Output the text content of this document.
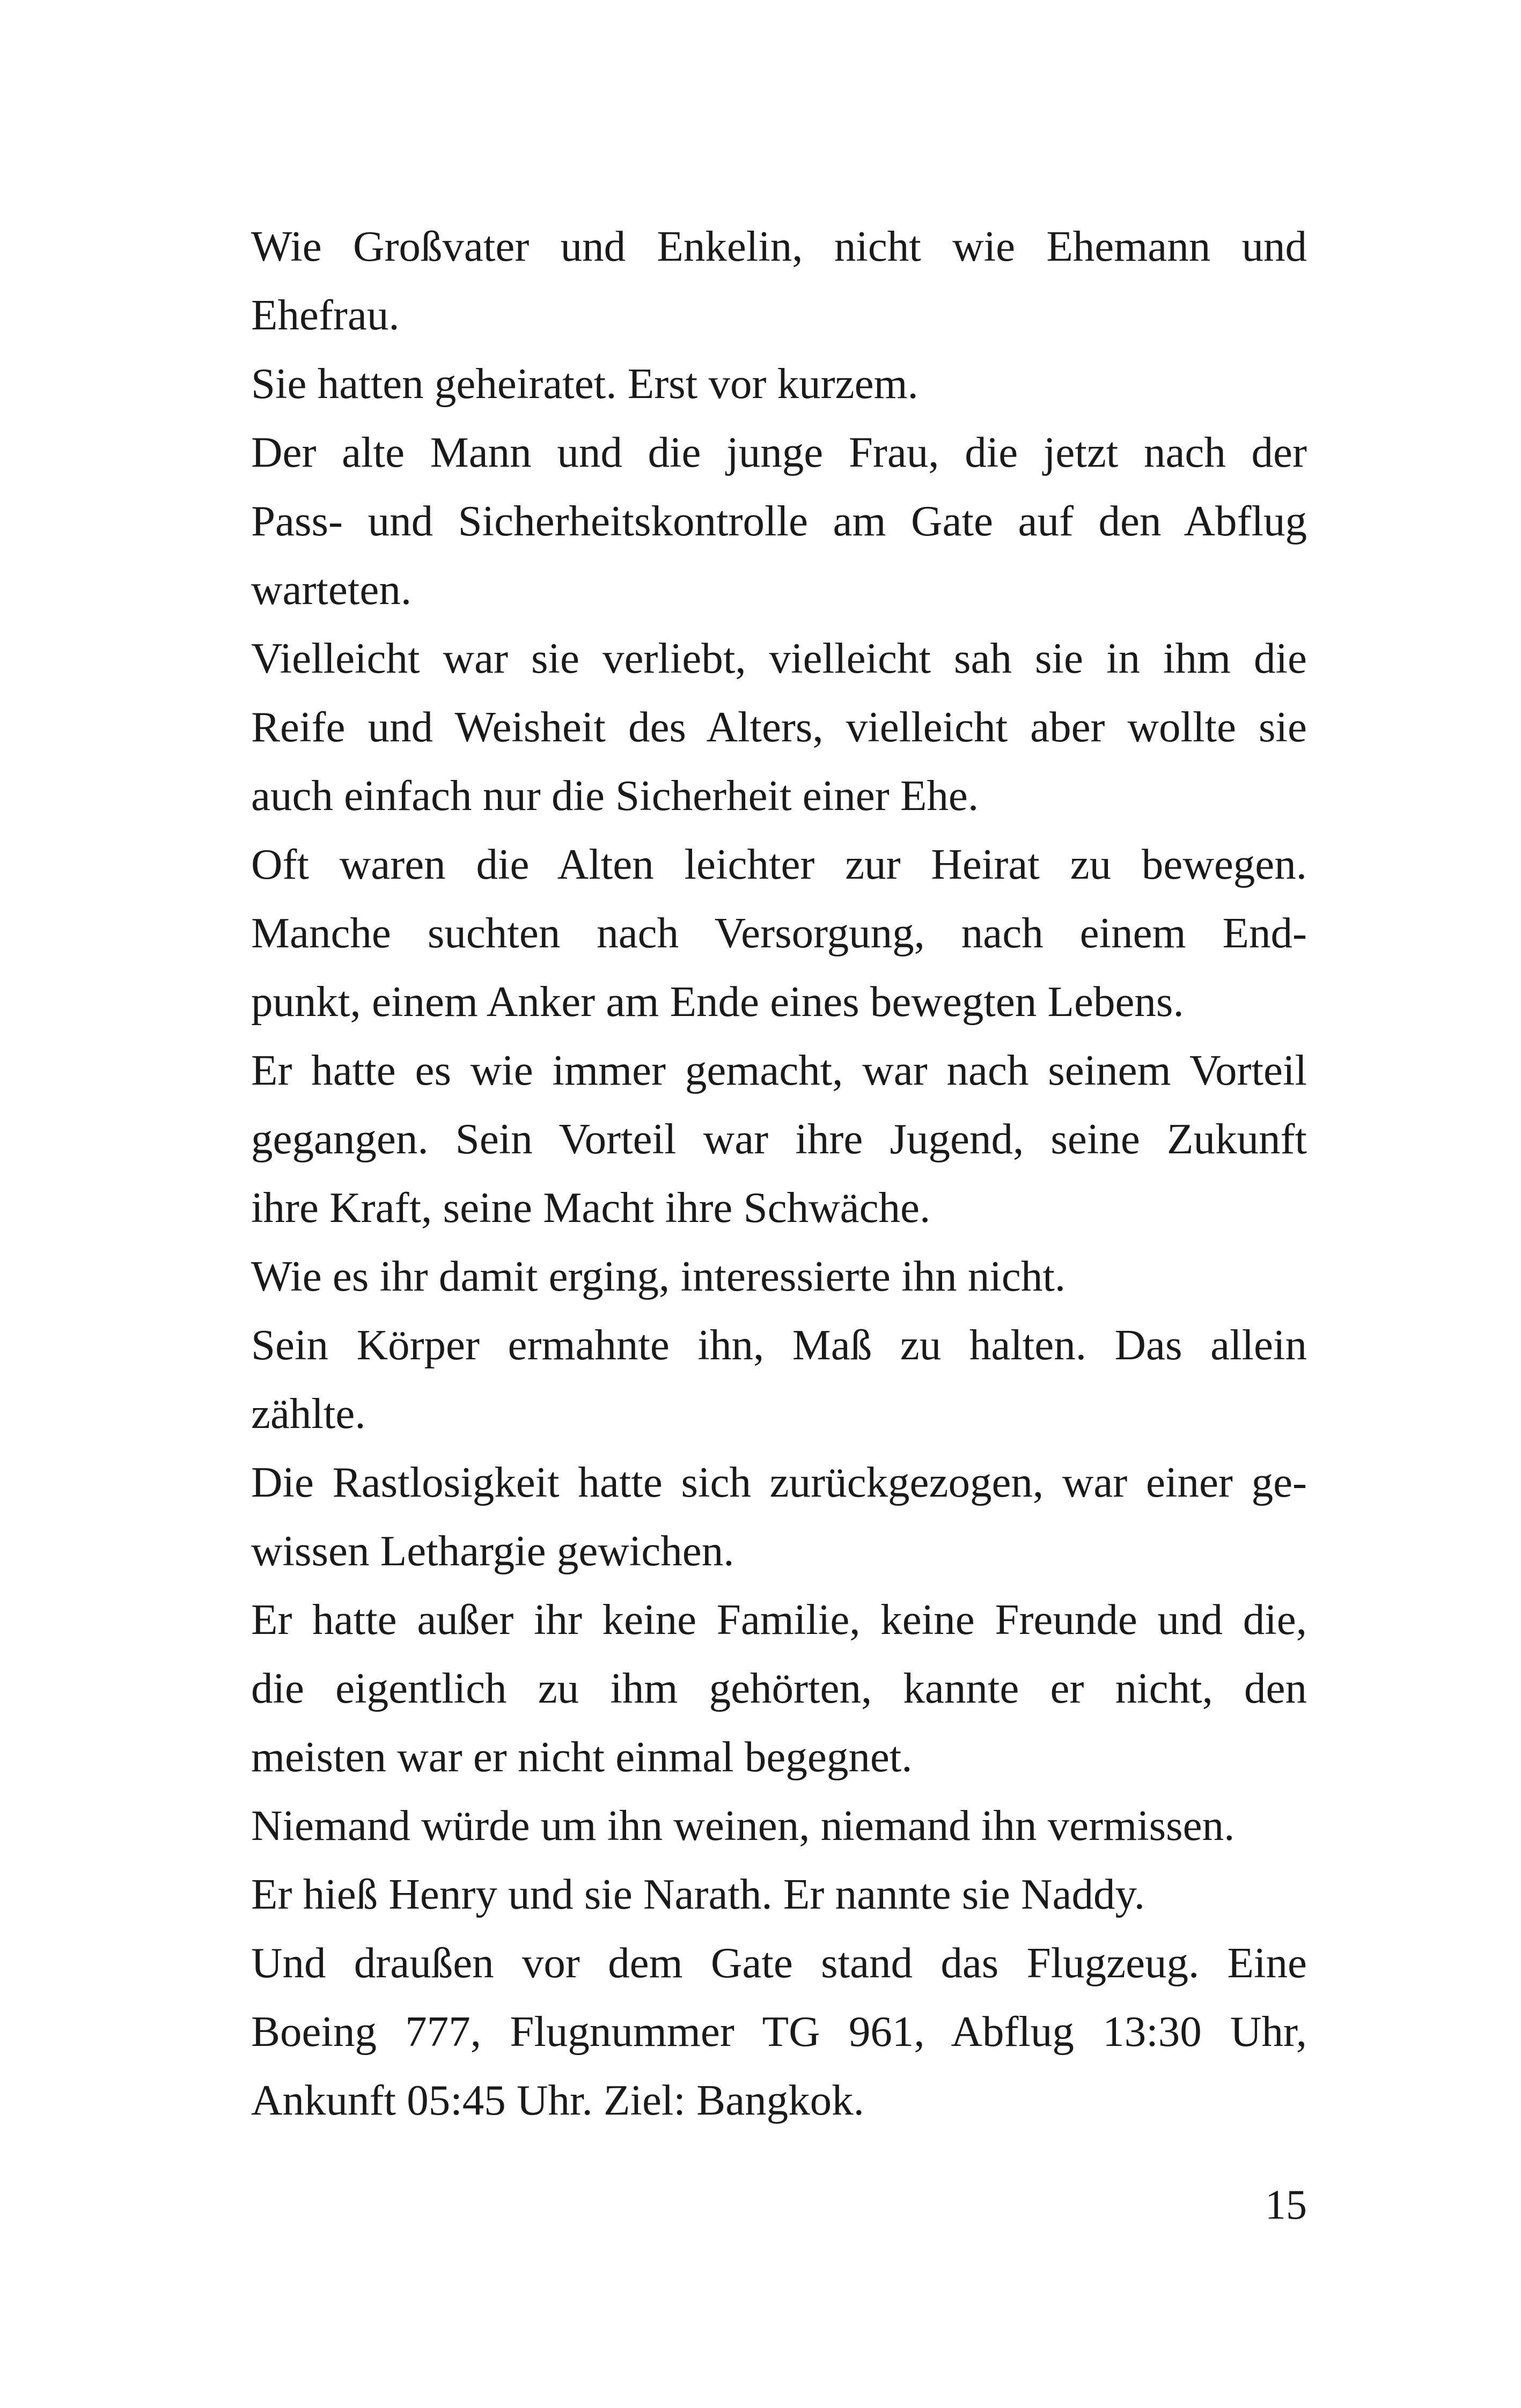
Wie Großvater und Enkelin, nicht wie Ehemann und
Ehefrau.
Sie hatten geheiratet. Erst vor kurzem.
Der alte Mann und die junge Frau, die jetzt nach der
Pass- und Sicherheitskontrolle am Gate auf den Abflug
warteten.
Vielleicht war sie verliebt, vielleicht sah sie in ihm die
Reife und Weisheit des Alters, vielleicht aber wollte sie
auch einfach nur die Sicherheit einer Ehe.
Oft waren die Alten leichter zur Heirat zu bewegen.
Manche suchten nach Versorgung, nach einem End-
punkt, einem Anker am Ende eines bewegten Lebens.
Er hatte es wie immer gemacht, war nach seinem Vorteil
gegangen. Sein Vorteil war ihre Jugend, seine Zukunft
ihre Kraft, seine Macht ihre Schwäche.
Wie es ihr damit erging, interessierte ihn nicht.
Sein Körper ermahnte ihn, Maß zu halten. Das allein
zählte.
Die Rastlosigkeit hatte sich zurückgezogen, war einer ge-
wissen Lethargie gewichen.
Er hatte außer ihr keine Familie, keine Freunde und die,
die eigentlich zu ihm gehörten, kannte er nicht, den
meisten war er nicht einmal begegnet.
Niemand würde um ihn weinen, niemand ihn vermissen.
Er hieß Henry und sie Narath. Er nannte sie Naddy.
Und draußen vor dem Gate stand das Flugzeug. Eine
Boeing 777, Flugnummer TG 961, Abflug 13:30 Uhr,
Ankunft 05:45 Uhr. Ziel: Bangkok.
15
